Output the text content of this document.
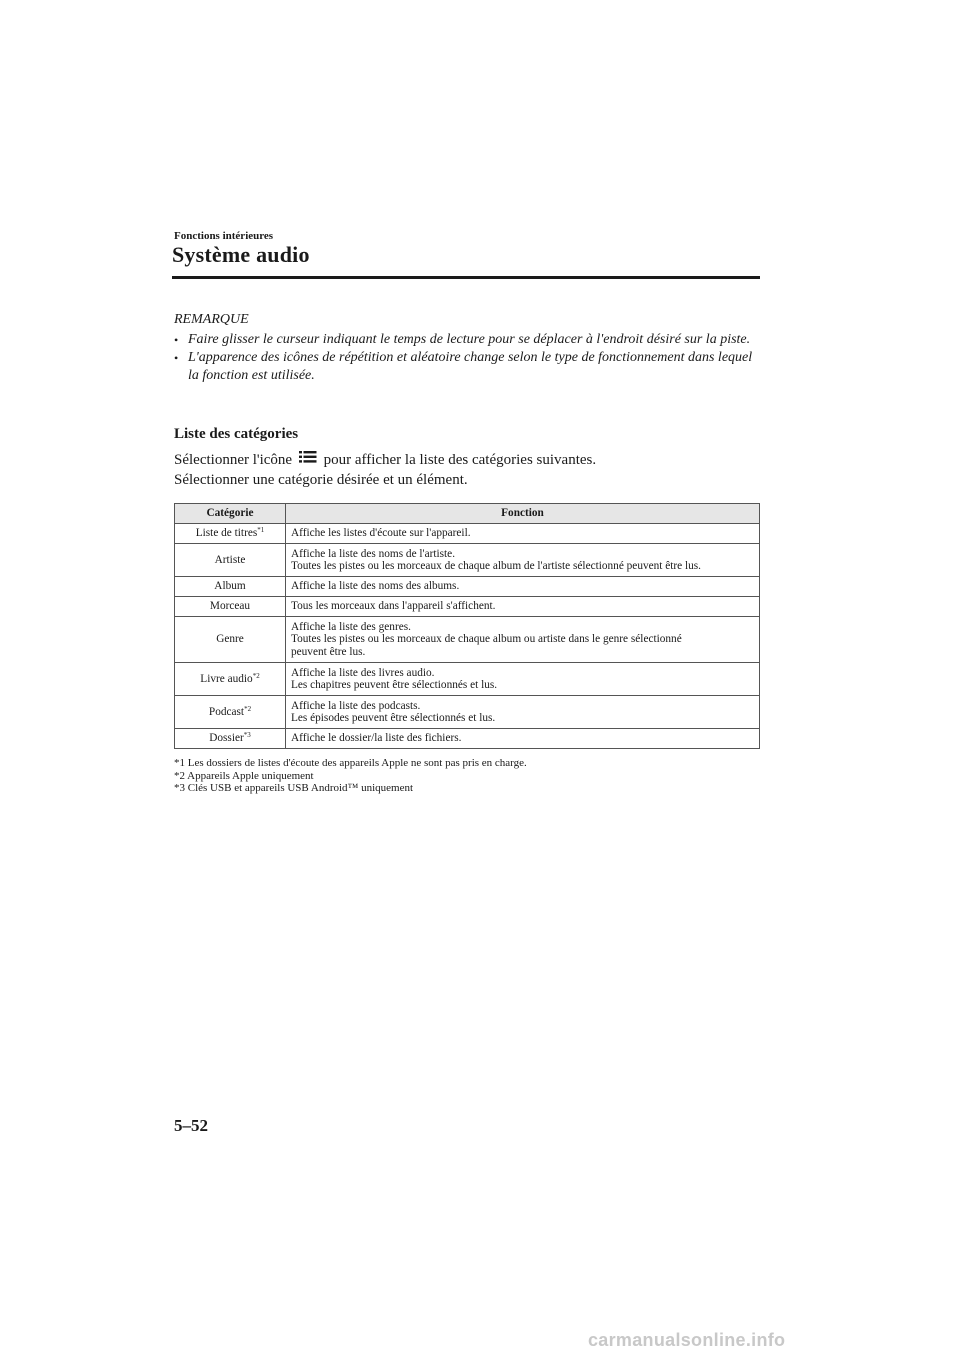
Fonctions intérieures
Système audio
REMARQUE
• Faire glisser le curseur indiquant le temps de lecture pour se déplacer à l'endroit désiré sur la piste.
• L'apparence des icônes de répétition et aléatoire change selon le type de fonctionnement dans lequel la fonction est utilisée.
Liste des catégories

Sélectionner l'icône pour afficher la liste des catégories suivantes.

Sélectionner une catégorie désirée et un élément.

Catégorie	Fonction
Liste de titres$^{*1}$	Affiche les listes d'écoute sur l'appareil.

Artiste	Affiche la liste des noms de l'artiste.
Toutes les pistes ou les morceaux de chaque album de l'artiste sélectionné peuvent être lus.

Album	Affiche la liste des noms des albums.

Morceau	Tous les morceaux dans l'appareil s'affichent.

Genre	Affiche la liste des genres.
Toutes les pistes ou les morceaux de chaque album ou artiste dans le genre sélectionné
peuvent être lus.

Livre audio$^{*2}$	Affiche la liste des livres audio.
Les chapitres peuvent être sélectionnés et lus.

Podcast$^{*2}$	Affiche la liste des podcasts.
Les épisodes peuvent être sélectionnés et lus.

Dossier$^{*3}$	Affiche le dossier/la liste des fichiers.
*1 Les dossiers de listes d'écoute des appareils Apple ne sont pas pris en charge.
*2 Appareils Apple uniquement
*3 Clés USB et appareils USB Android™ uniquement
5–52
carmanualsonline.info
